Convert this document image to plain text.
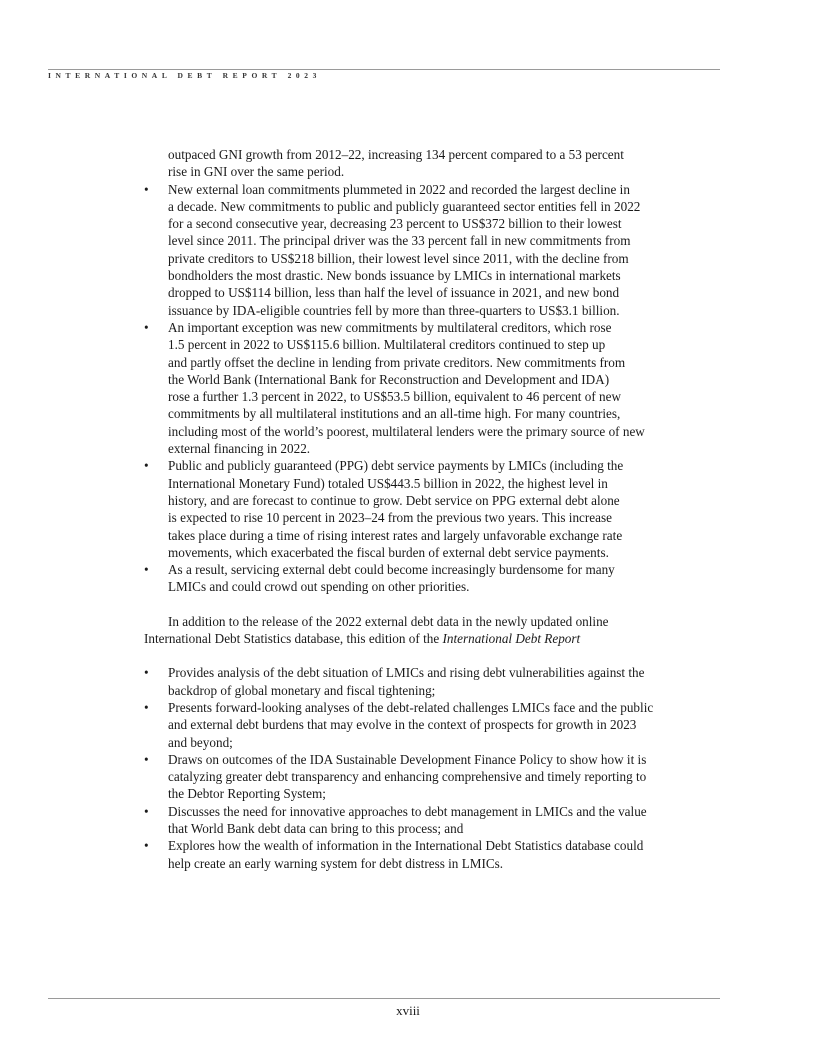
INTERNATIONAL DEBT REPORT 2023
outpaced GNI growth from 2012–22, increasing 134 percent compared to a 53 percent
rise in GNI over the same period.
•	New external loan commitments plummeted in 2022 and recorded the largest decline in
a decade. New commitments to public and publicly guaranteed sector entities fell in 2022
for a second consecutive year, decreasing 23 percent to US$372 billion to their lowest
level since 2011. The principal driver was the 33 percent fall in new commitments from
private creditors to US$218 billion, their lowest level since 2011, with the decline from
bondholders the most drastic. New bonds issuance by LMICs in international markets
dropped to US$114 billion, less than half the level of issuance in 2021, and new bond
issuance by IDA-eligible countries fell by more than three-quarters to US$3.1 billion.
•	An important exception was new commitments by multilateral creditors, which rose
1.5 percent in 2022 to US$115.6 billion. Multilateral creditors continued to step up
and partly offset the decline in lending from private creditors. New commitments from
the World Bank (International Bank for Reconstruction and Development and IDA)
rose a further 1.3 percent in 2022, to US$53.5 billion, equivalent to 46 percent of new
commitments by all multilateral institutions and an all-time high. For many countries,
including most of the world’s poorest, multilateral lenders were the primary source of new
external financing in 2022.
•	Public and publicly guaranteed (PPG) debt service payments by LMICs (including the
International Monetary Fund) totaled US$443.5 billion in 2022, the highest level in
history, and are forecast to continue to grow. Debt service on PPG external debt alone
is expected to rise 10 percent in 2023–24 from the previous two years. This increase
takes place during a time of rising interest rates and largely unfavorable exchange rate
movements, which exacerbated the fiscal burden of external debt service payments.
•	As a result, servicing external debt could become increasingly burdensome for many
LMICs and could crowd out spending on other priorities.
In addition to the release of the 2022 external debt data in the newly updated online
International Debt Statistics database, this edition of the International Debt Report
•	Provides analysis of the debt situation of LMICs and rising debt vulnerabilities against the
backdrop of global monetary and fiscal tightening;
•	Presents forward-looking analyses of the debt-related challenges LMICs face and the public
and external debt burdens that may evolve in the context of prospects for growth in 2023
and beyond;
•	Draws on outcomes of the IDA Sustainable Development Finance Policy to show how it is
catalyzing greater debt transparency and enhancing comprehensive and timely reporting to
the Debtor Reporting System;
•	Discusses the need for innovative approaches to debt management in LMICs and the value
that World Bank debt data can bring to this process; and
•	Explores how the wealth of information in the International Debt Statistics database could
help create an early warning system for debt distress in LMICs.
xviii
